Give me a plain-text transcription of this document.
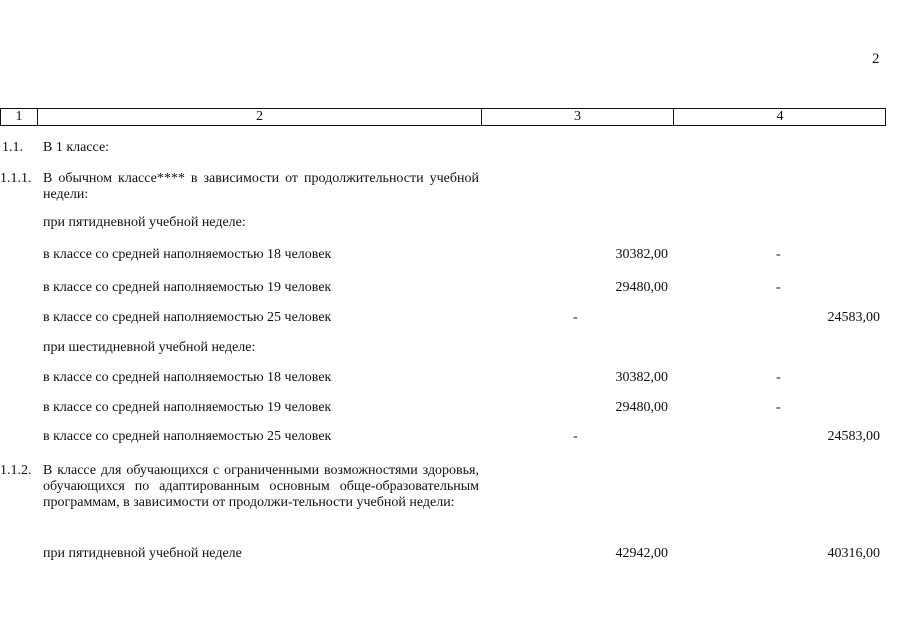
2
1	2	3	4
1.1. В 1 классе:
1.1.1. В обычном классе**** в зависимости от продолжительности учебной недели:
при пятидневной учебной неделе:
в классе со средней наполняемостью 18 человек	30382,00	-
в классе со средней наполняемостью 19 человек	29480,00	-
в классе со средней наполняемостью 25 человек	-	24583,00
при шестидневной учебной неделе:
в классе со средней наполняемостью 18 человек	30382,00	-
в классе со средней наполняемостью 19 человек	29480,00	-
в классе со средней наполняемостью 25 человек	-	24583,00
1.1.2. В классе для обучающихся с ограниченными возможностями здоровья, обучающихся по адаптированным основным обще-образовательным программам, в зависимости от продолжи-тельности учебной недели:
при пятидневной учебной неделе	42942,00	40316,00
